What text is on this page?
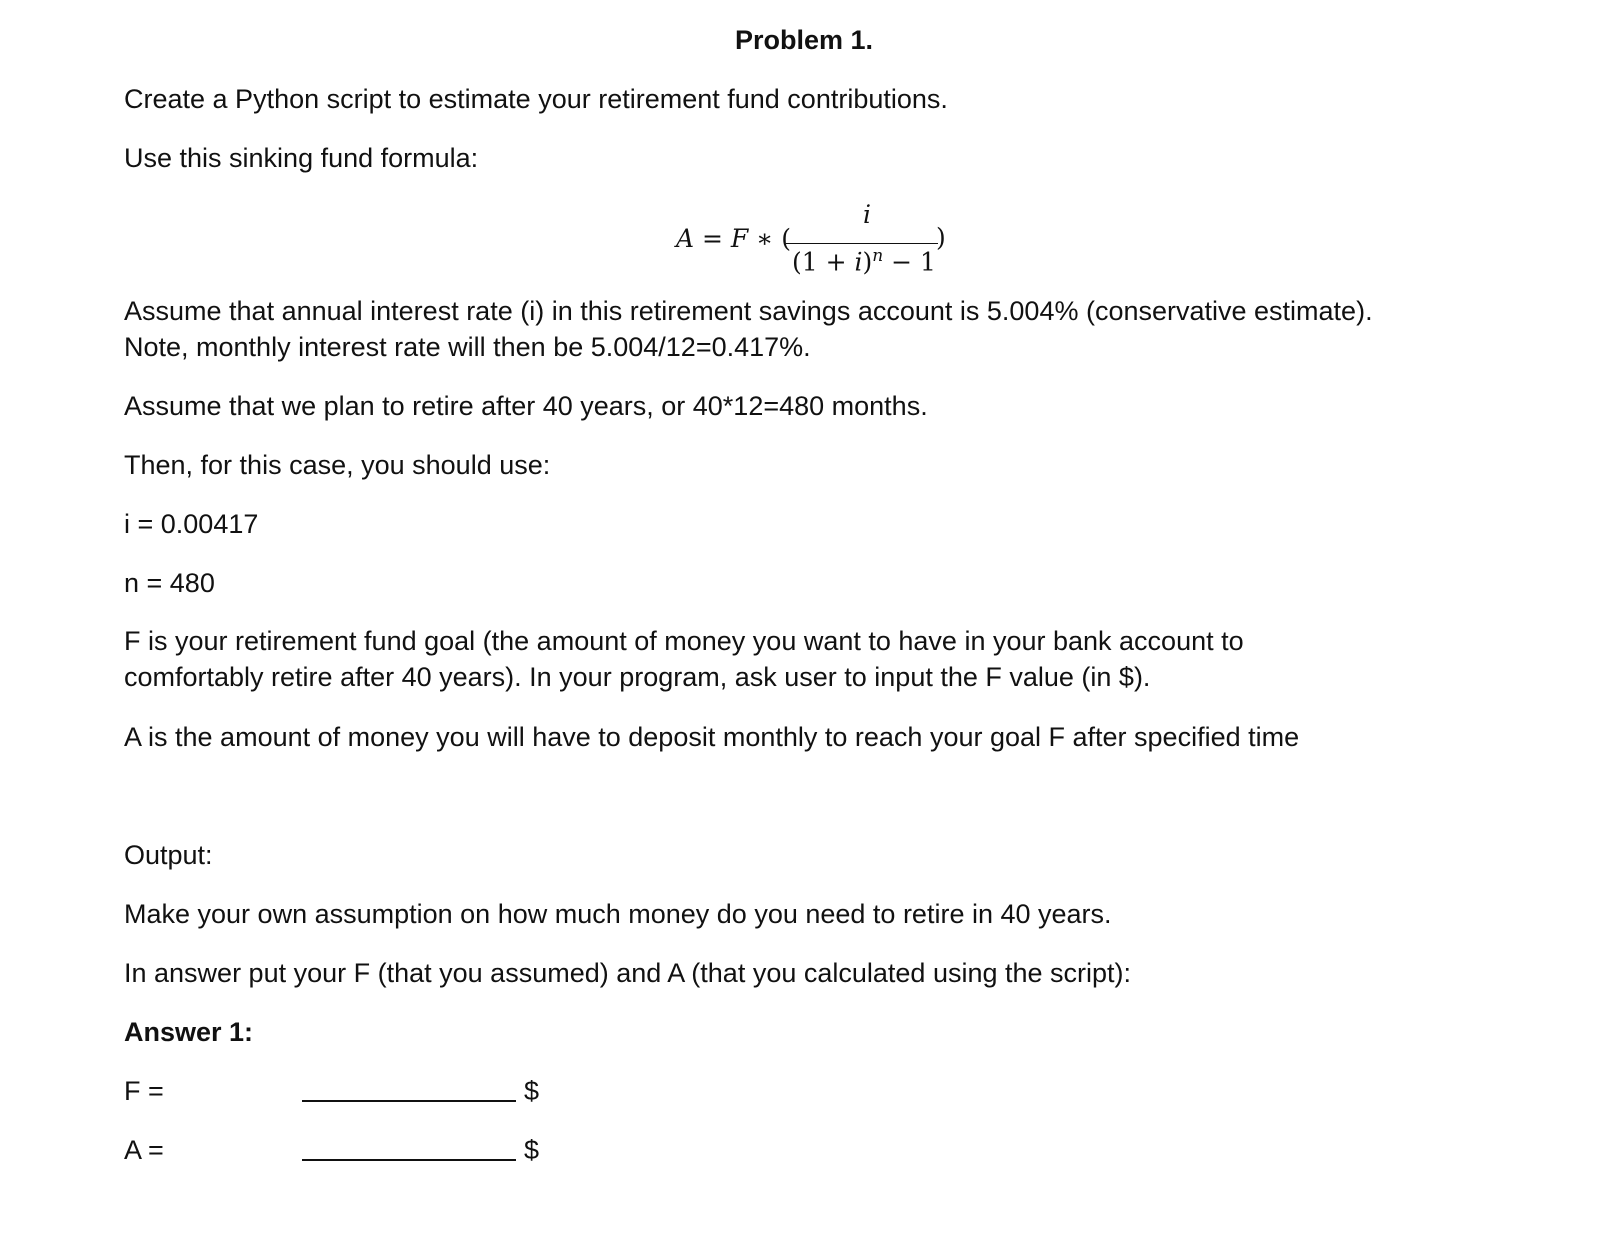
Problem 1.
Create a Python script to estimate your retirement fund contributions.
Use this sinking fund formula:
A = F ∗ (
i
$(1 + i)^n - 1$
)
Assume that annual interest rate (i) in this retirement savings account is 5.004% (conservative estimate).
Note, monthly interest rate will then be 5.004/12=0.417%.
Assume that we plan to retire after 40 years, or 40*12=480 months.
Then, for this case, you should use:
i = 0.00417
n = 480
F is your retirement fund goal (the amount of money you want to have in your bank account to
comfortably retire after 40 years). In your program, ask user to input the F value (in $).
A is the amount of money you will have to deposit monthly to reach your goal F after specified time
Output:
Make your own assumption on how much money do you need to retire in 40 years.
In answer put your F (that you assumed) and A (that you calculated using the script):
Answer 1:
F =	$
A =	$
